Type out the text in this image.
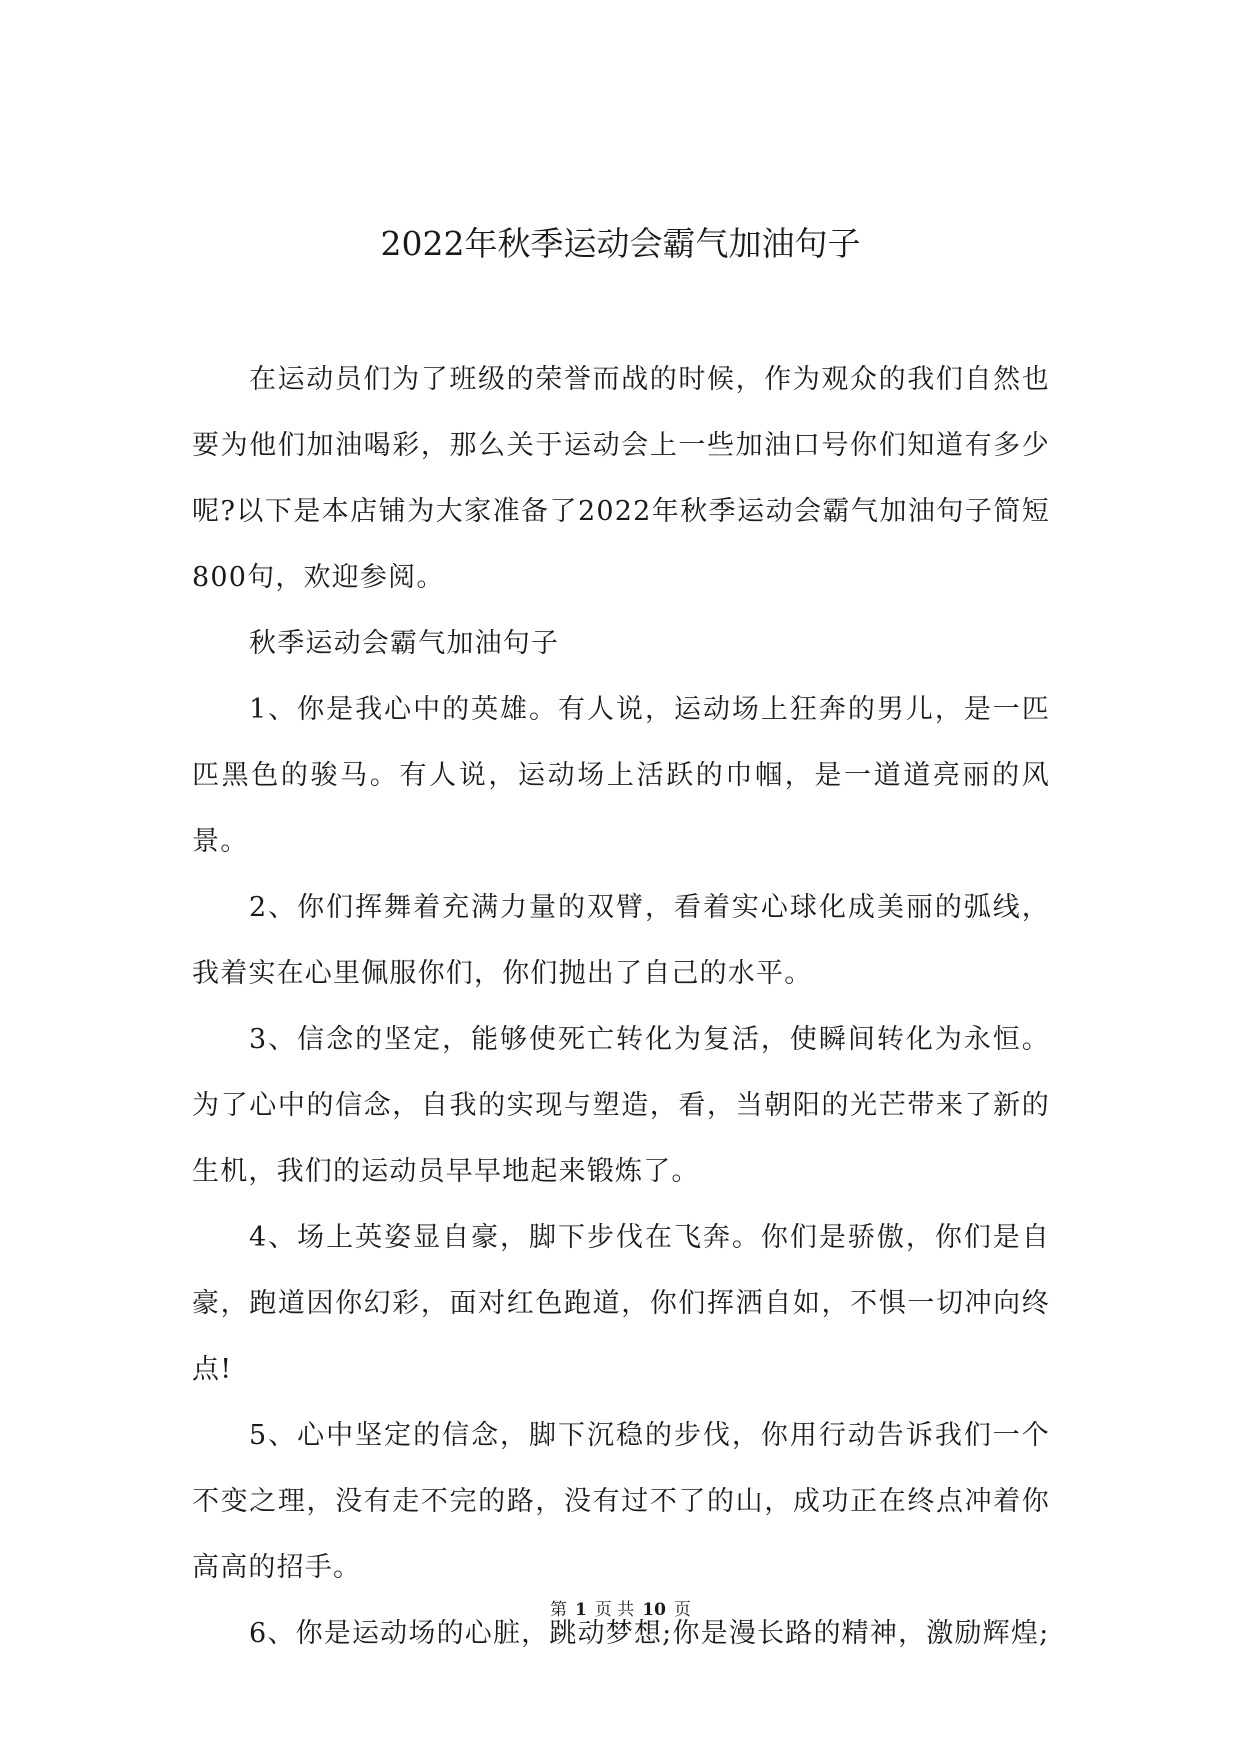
2022年秋季运动会霸气加油句子

在运动员们为了班级的荣誉而战的时候，作为观众的我们自然也要为他们加油喝彩，那么关于运动会上一些加油口号你们知道有多少呢?以下是本店铺为大家准备了2022年秋季运动会霸气加油句子简短800句，欢迎参阅。

秋季运动会霸气加油句子

1、你是我心中的英雄。有人说，运动场上狂奔的男儿，是一匹匹黑色的骏马。有人说，运动场上活跃的巾帼，是一道道亮丽的风景。

2、你们挥舞着充满力量的双臂，看着实心球化成美丽的弧线，我着实在心里佩服你们，你们抛出了自己的水平。

3、信念的坚定，能够使死亡转化为复活，使瞬间转化为永恒。为了心中的信念，自我的实现与塑造，看，当朝阳的光芒带来了新的生机，我们的运动员早早地起来锻炼了。

4、场上英姿显自豪，脚下步伐在飞奔。你们是骄傲，你们是自豪，跑道因你幻彩，面对红色跑道，你们挥洒自如，不惧一切冲向终点!

5、心中坚定的信念，脚下沉稳的步伐，你用行动告诉我们一个不变之理，没有走不完的路，没有过不了的山，成功正在终点冲着你高高的招手。

6、你是运动场的心脏，跳动梦想;你是漫长路的精神，激励辉煌;

第 1 页 共 10 页
